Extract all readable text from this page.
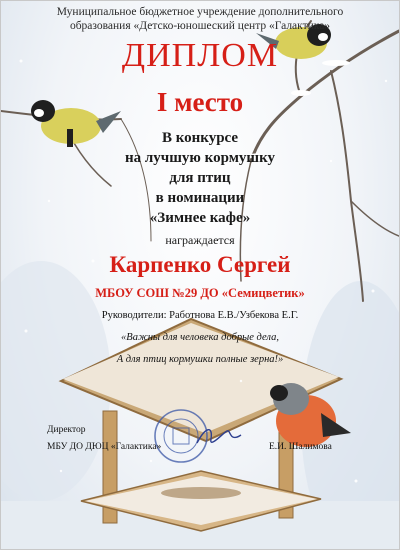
Муниципальное бюджетное учреждение дополнительного
образования «Детско-юношеский центр «Галактика»
ДИПЛОМ
I место
В конкурсе
на лучшую кормушку
для птиц
в номинации
«Зимнее кафе»
награждается
Карпенко Сергей
МБОУ СОШ №29 ДО «Семицветик»
Руководители: Работнова Е.В./Узбекова Е.Г.
«Важны для человека добрые дела,
А для птиц кормушки полные зерна!»
Директор
МБУ ДО ДЮЦ «Галактика»	Е.И. Шалимова
